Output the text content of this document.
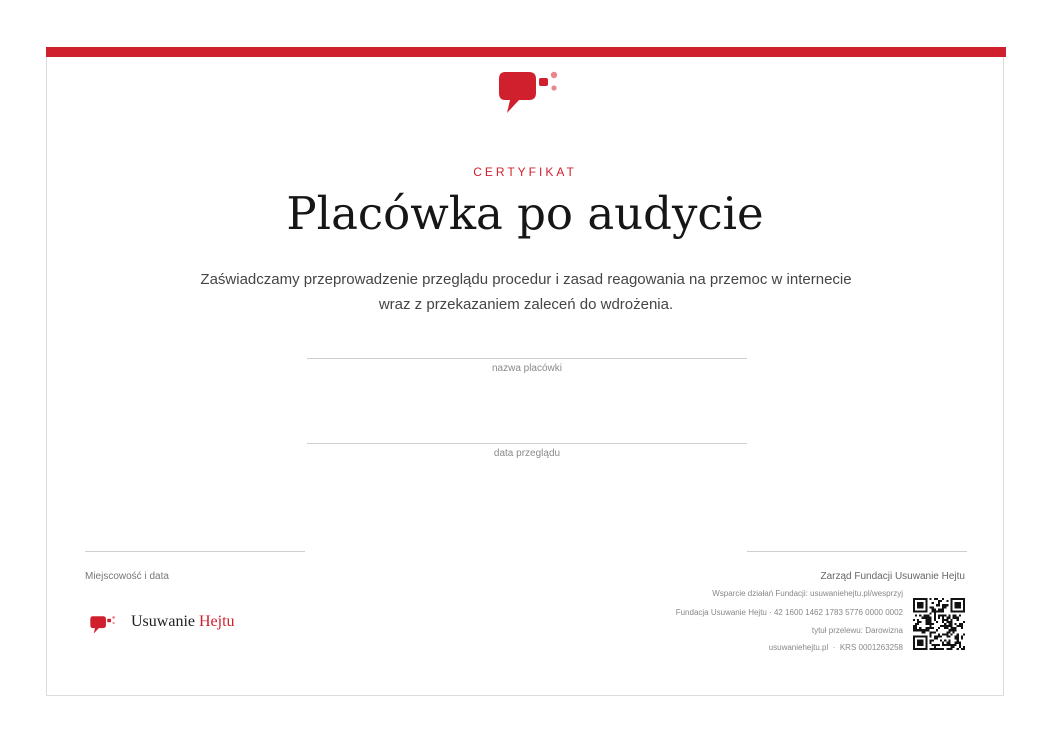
CERTYFIKAT
Placówka po audycie
Zaświadczamy przeprowadzenie przeglądu procedur i zasad reagowania na przemoc w internecie wraz z przekazaniem zaleceń do wdrożenia.
nazwa placówki
data przeglądu
Miejscowość i data
Usuwanie Hejtu
Zarząd Fundacji Usuwanie Hejtu
Wsparcie działań Fundacji: usuwaniehejtu.pl/wesprzyj
Fundacja Usuwanie Hejtu · 42 1600 1462 1783 5776 0000 0002
tytuł przelewu: Darowizna
usuwaniehejtu.pl  ·  KRS 0001263258
